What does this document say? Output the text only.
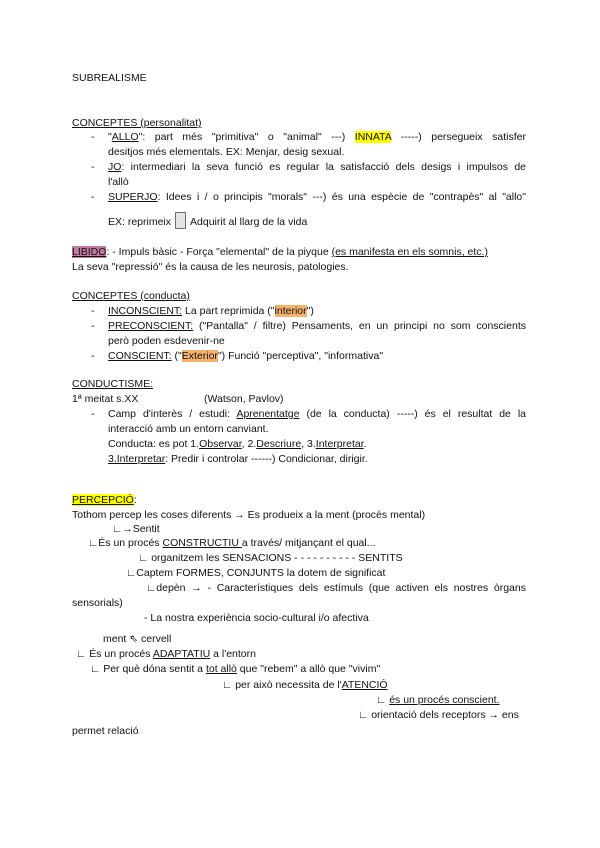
SUBREALISME
CONCEPTES (personalitat)
- "ALLO": part més "primitiva" o "animal" ---) INNATA -----) persegueix satisfer
desitjos més elementals. EX: Menjar, desig sexual.
- JO: intermediari la seva funció es regular la satisfacció dels desigs i impulsos de
l'allò
- SUPERJO: Idees i / o principis "morals" ---) és una espècie de "contrapès" al "allo"
EX: reprimeix Adquirit al llarg de la vida
LIBIDO: - Impuls bàsic - Força "elemental" de la piyque (es manifesta en els somnis, etc.)
La seva "repressió" és la causa de les neurosis, patologies.
CONCEPTES (conducta)
- INCONSCIENT: La part reprimida ("interior")
- PRECONSCIENT: ("Pantalla" / filtre) Pensaments, en un principi no som conscients
però poden esdevenir-ne
- CONSCIENT: ("Exterior") Funció "perceptiva", "informativa"
CONDUCTISME:
1ª meitat s.XX	(Watson, Pavlov)
- Camp d'interès / estudi: Aprenentatge (de la conducta) -----) és el resultat de la
interacció amb un entorn canviant.
Conducta: es pot 1.Observar, 2.Descriure, 3.Interpretar.
3.Interpretar: Predir i controlar ------) Condicionar, dirigir.
PERCEPCIÓ:
Tothom percep les coses diferents → Es produeix a la ment (procés mental)
∟→Sentit
∟És un procés CONSTRUCTIU a través/ mitjançant el qual...
∟ organitzem les SENSACIONS - - - - - - - - - - SENTITS
∟Captem FORMES, CONJUNTS la dotem de significat
∟depèn → - Característiques dels estímuls (que activen els nostres òrgans
sensorials)
- La nostra experiència socio-cultural i/o afectiva
ment ⇖ cervell
∟ És un procés ADAPTATIU a l'entorn
∟ Per què dóna sentit a tot allò que "rebem" a allò que "vivim"
∟ per això necessita de l'ATENCIÓ
∟ és un procés conscient.
∟ orientació dels receptors → ens
permet relació
